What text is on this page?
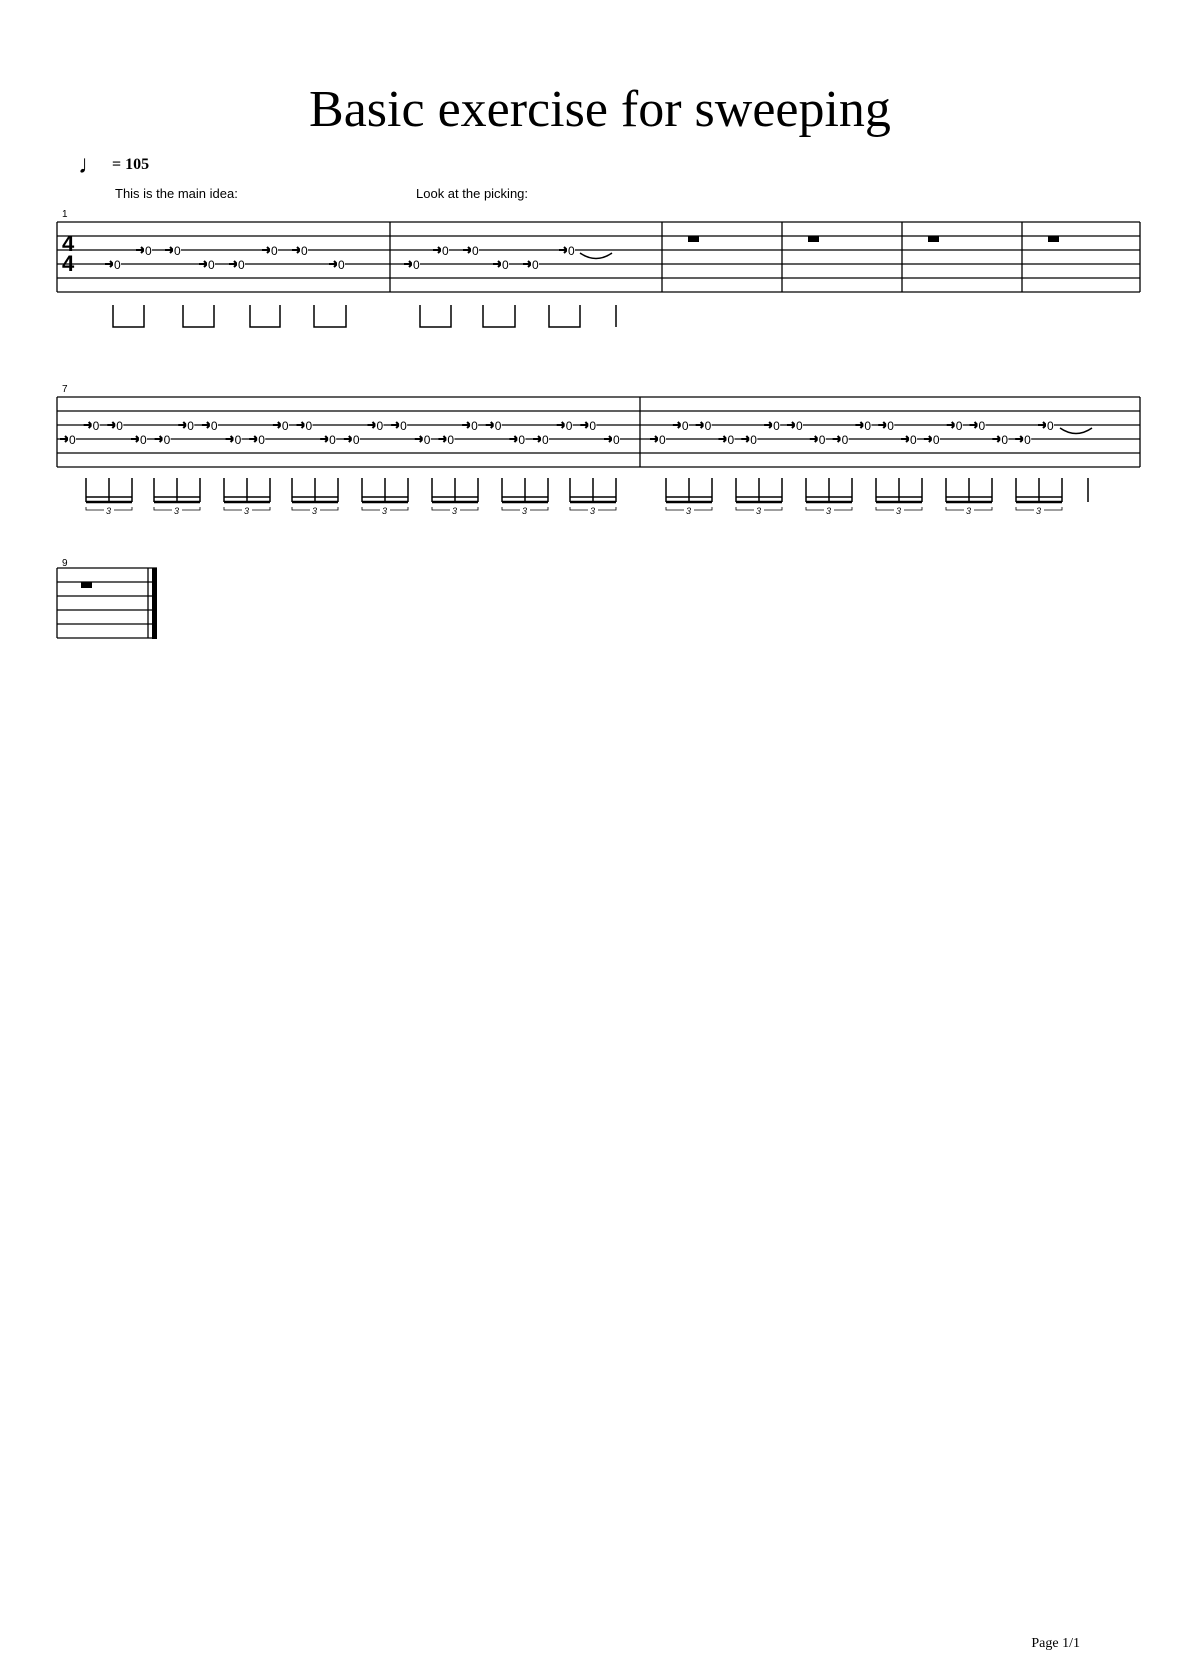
Basic exercise for sweeping
♩ = 105
This is the main idea:	Look at the picking:
0
0 0
0 0
0 0
0	0
0 0
0 0
0
0
0 0
0 0
0 0
0 0
0 0
0 0
0 0
0 0
0 0
0 0
0 0
0	0
0 0
0 0
0 0
0 0
0 0
0 0
0 0
0 0
0
3	3	3	3	3	3	3	3	3	3	3	3	3	3
1
7
9
4
4
Page 1/1
